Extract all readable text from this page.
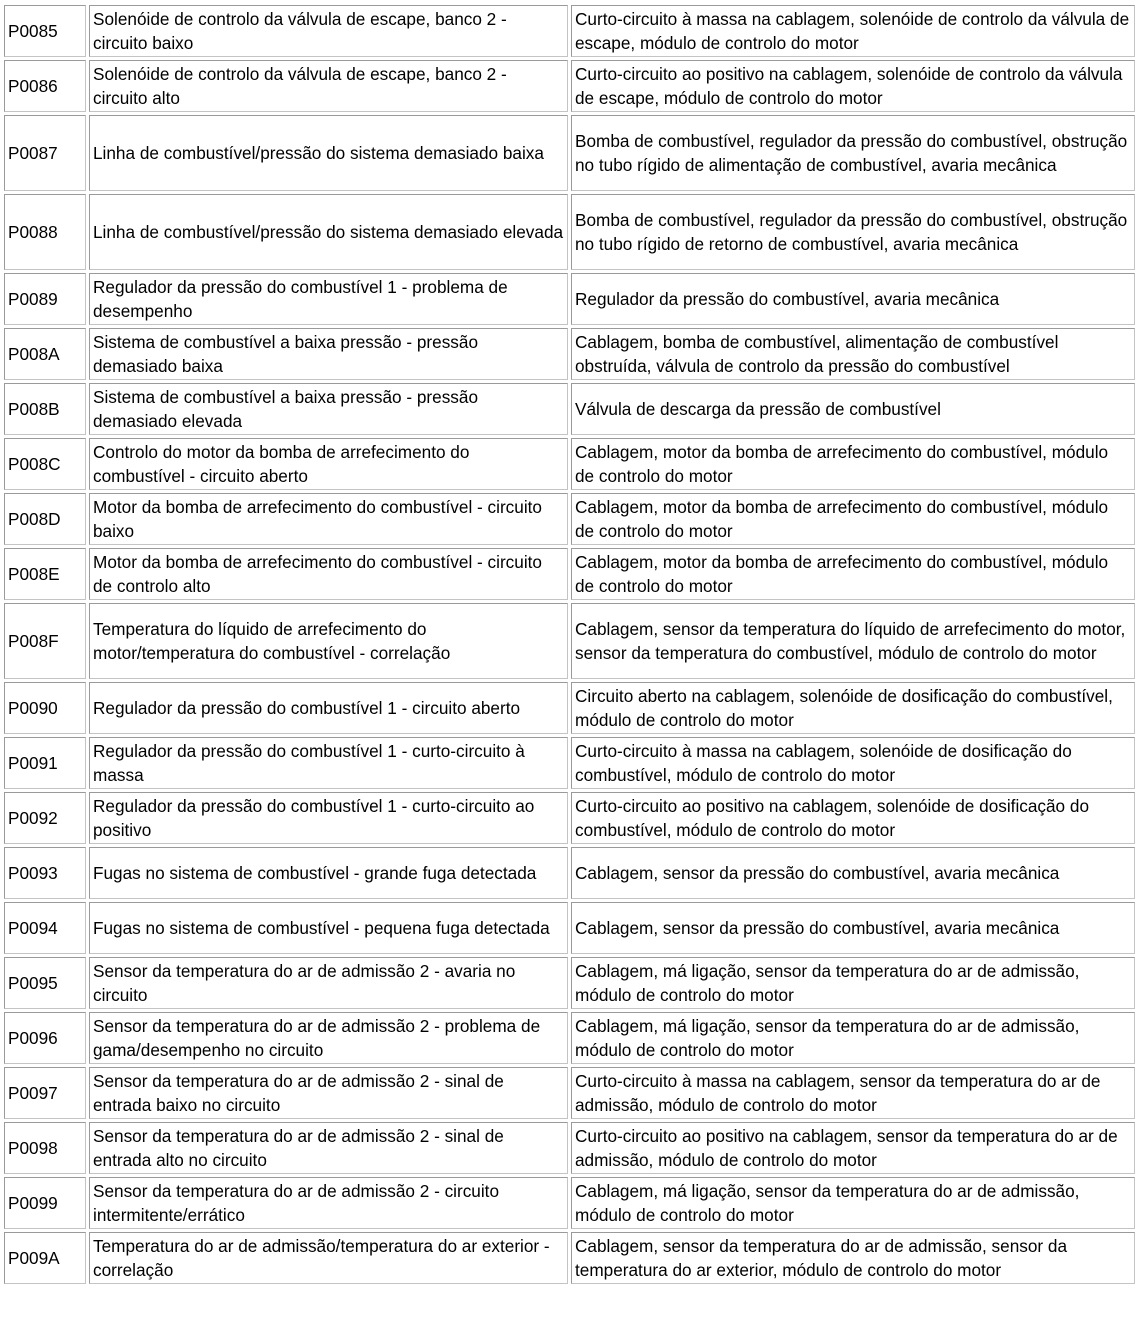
P0085	Solenóide de controlo da válvula de escape, banco 2 - circuito baixo	Curto-circuito à massa na cablagem, solenóide de controlo da válvula de escape, módulo de controlo do motor
P0086	Solenóide de controlo da válvula de escape, banco 2 - circuito alto	Curto-circuito ao positivo na cablagem, solenóide de controlo da válvula de escape, módulo de controlo do motor
P0087	Linha de combustível/pressão do sistema demasiado baixa	Bomba de combustível, regulador da pressão do combustível, obstrução no tubo rígido de alimentação de combustível, avaria mecânica
P0088	Linha de combustível/pressão do sistema demasiado elevada	Bomba de combustível, regulador da pressão do combustível, obstrução no tubo rígido de retorno de combustível, avaria mecânica
P0089	Regulador da pressão do combustível 1 - problema de desempenho	Regulador da pressão do combustível, avaria mecânica
P008A	Sistema de combustível a baixa pressão - pressão demasiado baixa	Cablagem, bomba de combustível, alimentação de combustível obstruída, válvula de controlo da pressão do combustível
P008B	Sistema de combustível a baixa pressão - pressão demasiado elevada	Válvula de descarga da pressão de combustível
P008C	Controlo do motor da bomba de arrefecimento do combustível - circuito aberto	Cablagem, motor da bomba de arrefecimento do combustível, módulo de controlo do motor
P008D	Motor da bomba de arrefecimento do combustível - circuito baixo	Cablagem, motor da bomba de arrefecimento do combustível, módulo de controlo do motor
P008E	Motor da bomba de arrefecimento do combustível - circuito de controlo alto	Cablagem, motor da bomba de arrefecimento do combustível, módulo de controlo do motor
P008F	Temperatura do líquido de arrefecimento do motor/temperatura do combustível - correlação	Cablagem, sensor da temperatura do líquido de arrefecimento do motor, sensor da temperatura do combustível, módulo de controlo do motor
P0090	Regulador da pressão do combustível 1 - circuito aberto	Circuito aberto na cablagem, solenóide de dosificação do combustível, módulo de controlo do motor
P0091	Regulador da pressão do combustível 1 - curto-circuito à massa	Curto-circuito à massa na cablagem, solenóide de dosificação do combustível, módulo de controlo do motor
P0092	Regulador da pressão do combustível 1 - curto-circuito ao positivo	Curto-circuito ao positivo na cablagem, solenóide de dosificação do combustível, módulo de controlo do motor
P0093	Fugas no sistema de combustível - grande fuga detectada	Cablagem, sensor da pressão do combustível, avaria mecânica
P0094	Fugas no sistema de combustível - pequena fuga detectada	Cablagem, sensor da pressão do combustível, avaria mecânica
P0095	Sensor da temperatura do ar de admissão 2 - avaria no circuito	Cablagem, má ligação, sensor da temperatura do ar de admissão, módulo de controlo do motor
P0096	Sensor da temperatura do ar de admissão 2 - problema de gama/desempenho no circuito	Cablagem, má ligação, sensor da temperatura do ar de admissão, módulo de controlo do motor
P0097	Sensor da temperatura do ar de admissão 2 - sinal de entrada baixo no circuito	Curto-circuito à massa na cablagem, sensor da temperatura do ar de admissão, módulo de controlo do motor
P0098	Sensor da temperatura do ar de admissão 2 - sinal de entrada alto no circuito	Curto-circuito ao positivo na cablagem, sensor da temperatura do ar de admissão, módulo de controlo do motor
P0099	Sensor da temperatura do ar de admissão 2 - circuito intermitente/errático	Cablagem, má ligação, sensor da temperatura do ar de admissão, módulo de controlo do motor
P009A	Temperatura do ar de admissão/temperatura do ar exterior - correlação	Cablagem, sensor da temperatura do ar de admissão, sensor da temperatura do ar exterior, módulo de controlo do motor
